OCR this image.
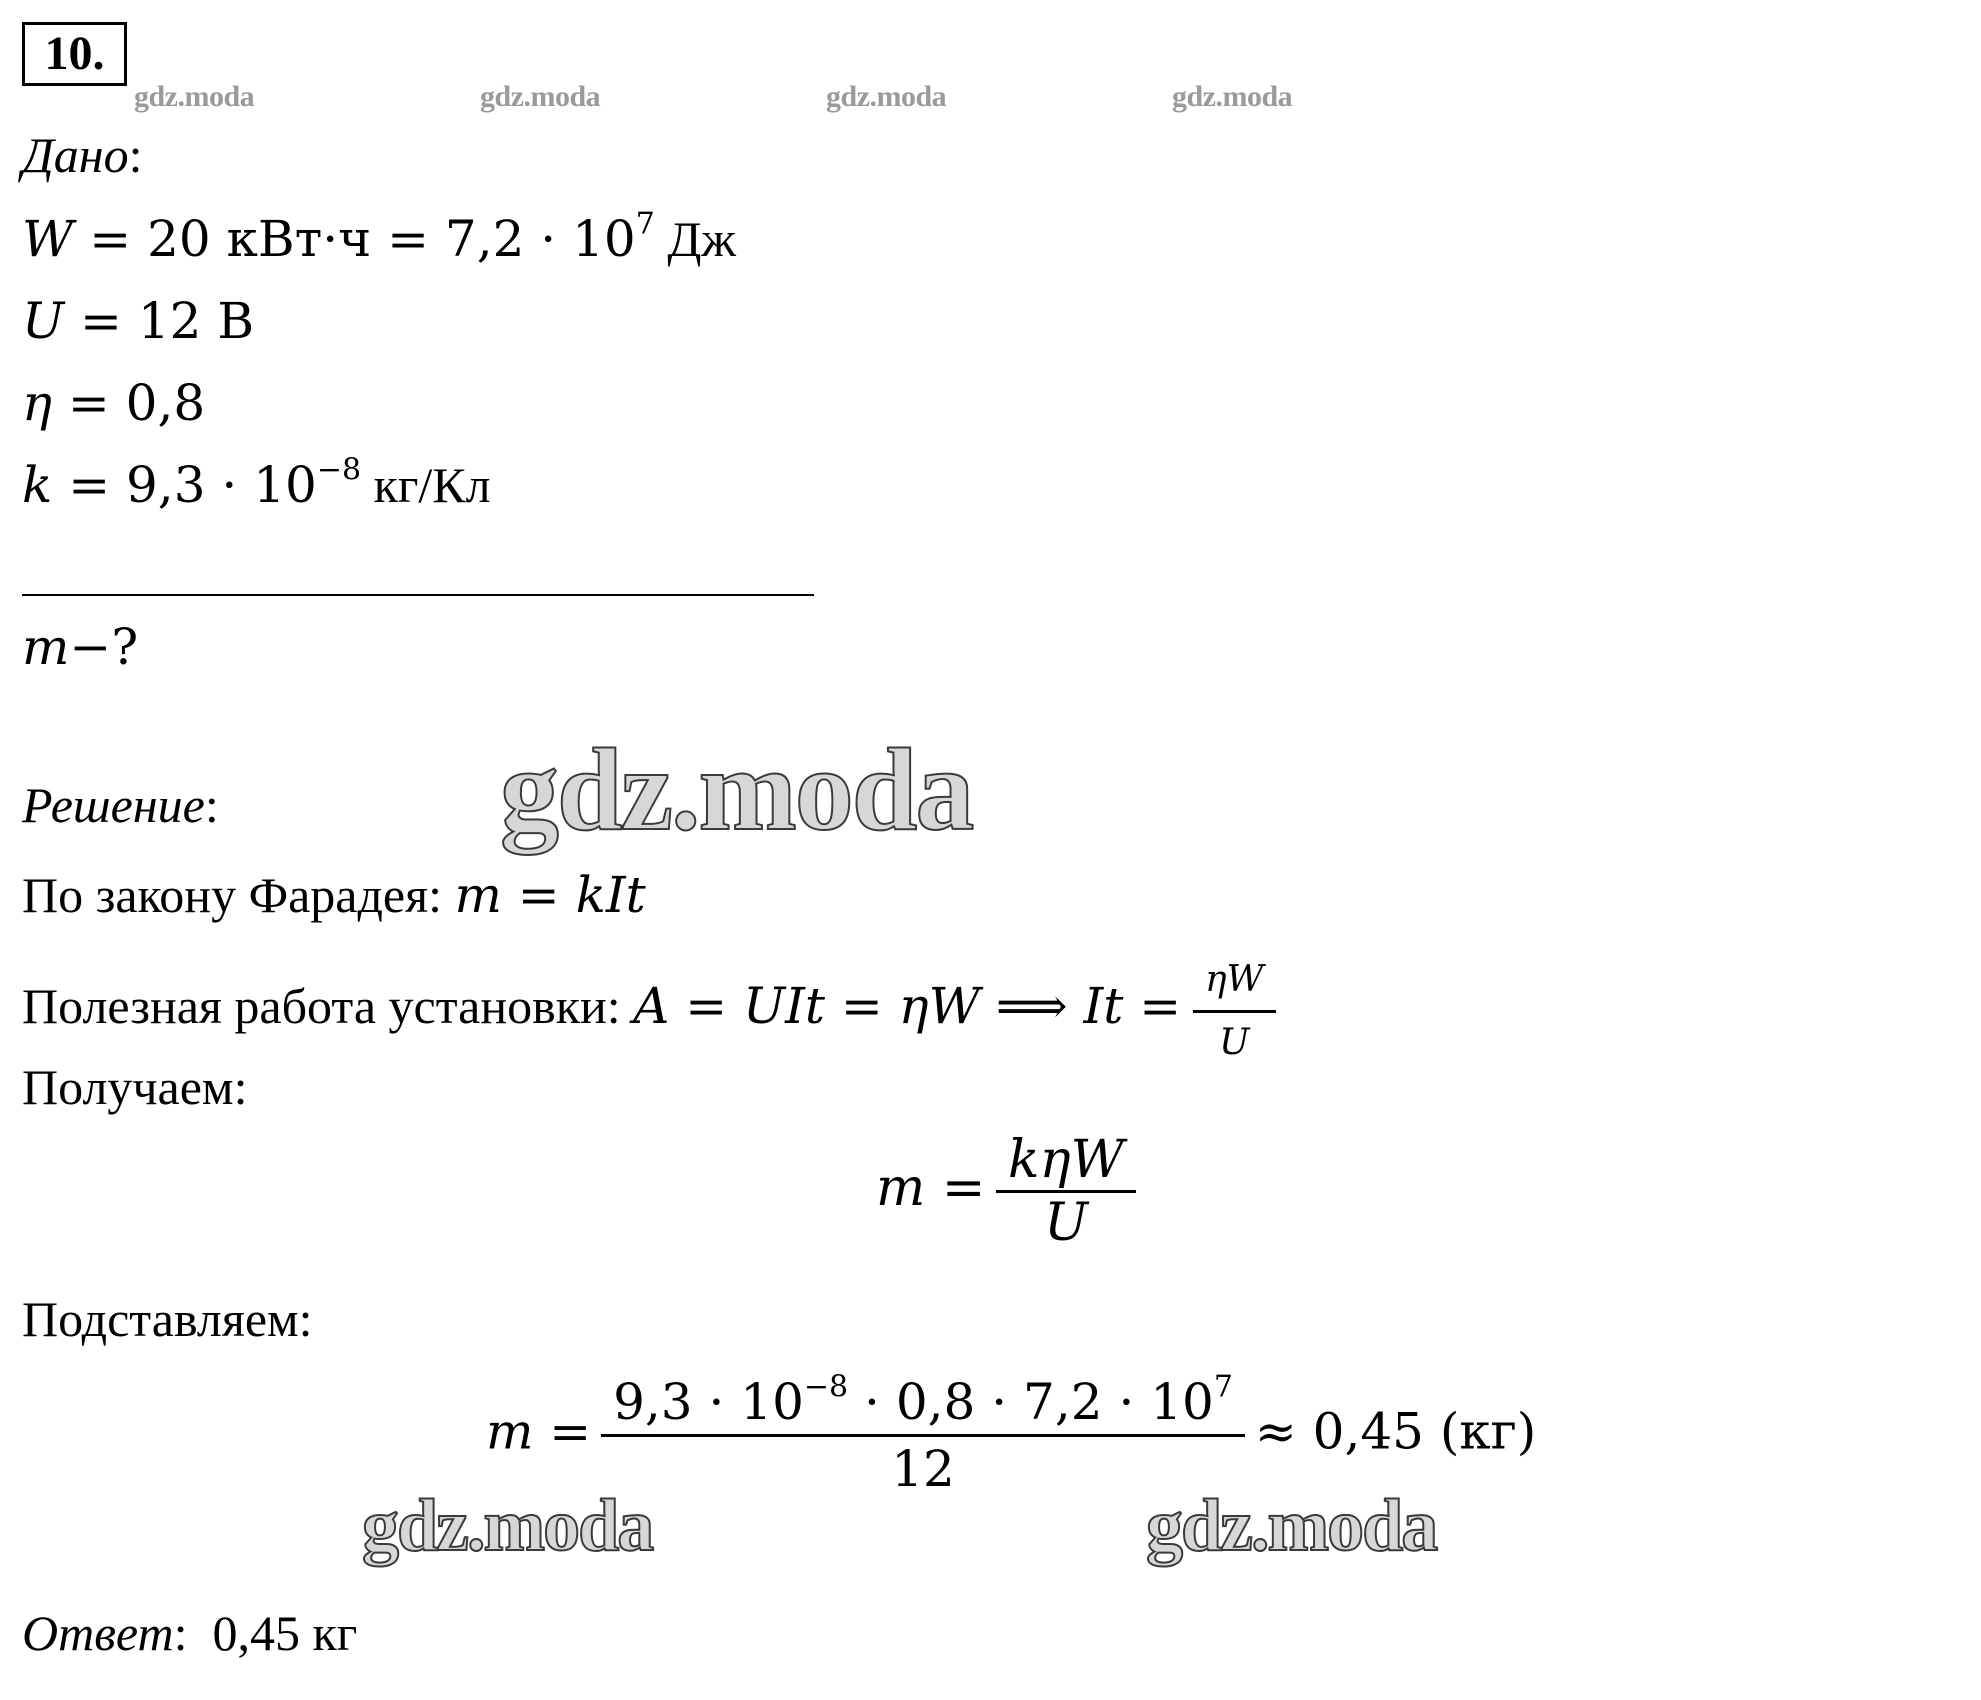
10.
gdz.moda	gdz.moda	gdz.moda	gdz.moda
Дано:
W = 20 $кВт\cdot ч = 7,2 \cdot 10^7$ Дж
U = 12 В
η = 0,8
$k = 9,3 \cdot 10^{-8}$ кг/Кл
m−?
gdz.moda
Решение:
По закону Фарадея: m = kIt
Полезная работа установки: A = UIt = ηW ⟹ $It = \frac{\eta W}{U}$
Получаем:
$m = \frac{\text{kηW}}{U}$
Подставляем:
$m = \frac{9,3 \cdot 10^{-8} \cdot 0,8 \cdot 7,2 \cdot 10^7}{12} \approx 0,45$ (кг)
gdz.moda	gdz.moda
Ответ:  0,45 кг
